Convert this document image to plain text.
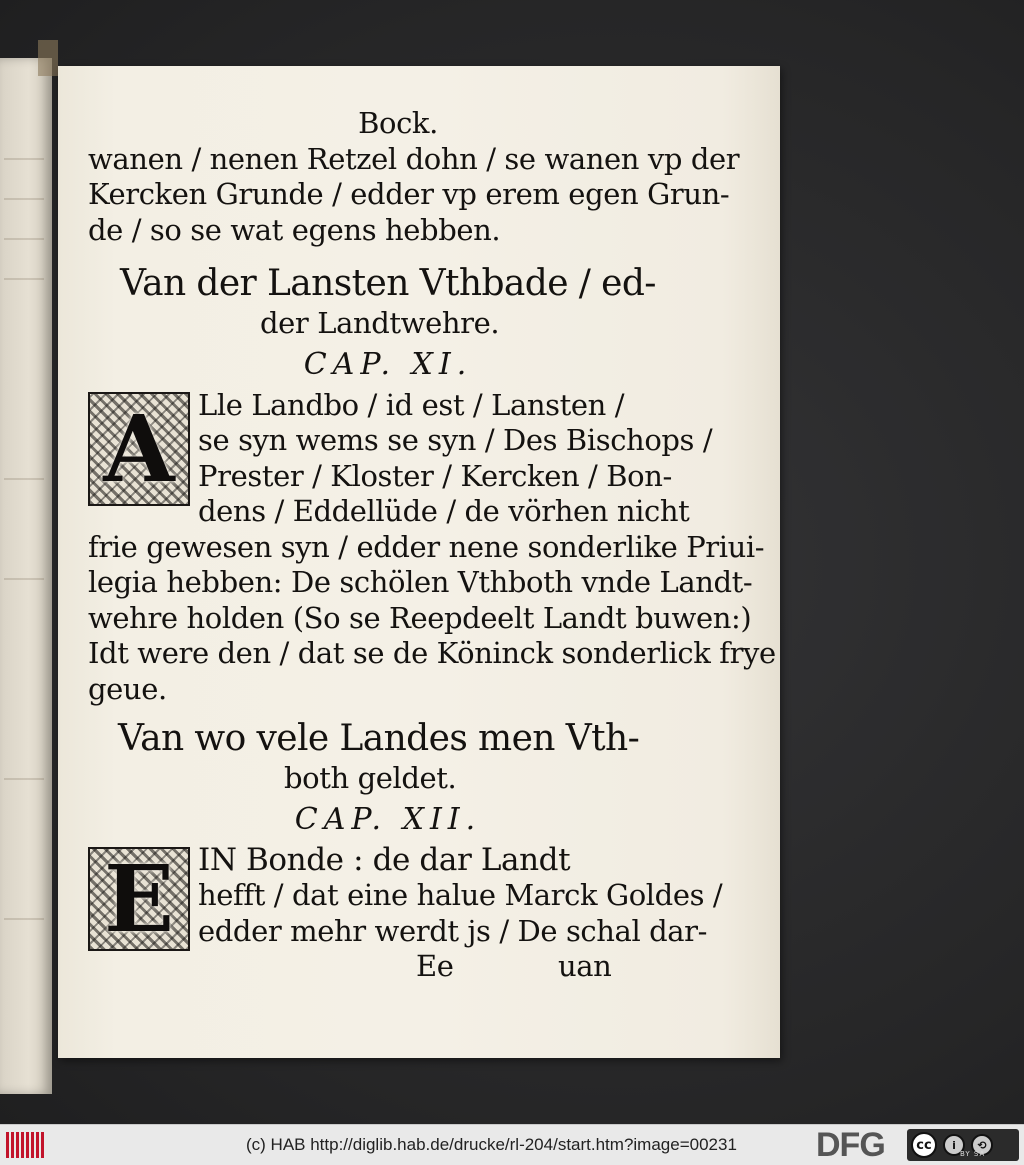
Bock.
wanen / nenen Retzel dohn / se wanen vp der
Kercken Grunde / edder vp erem egen Grun-
de / so se wat egens hebben.
Van der Lansten Vthbade / ed-
der Landtwehre.
CAP. XI.
A Lle Landbo / id est / Lansten /
se syn wems se syn / Des Bischops /
Prester / Kloster / Kercken / Bon-
dens / Eddellüde / de vörhen nicht
frie gewesen syn / edder nene sonderlike Priui-
legia hebben: De schölen Vthboth vnde Landt-
wehre holden (So se Reepdeelt Landt buwen:)
Idt were den / dat se de Köninck sonderlick frye
geue.
Van wo vele Landes men Vth-
both geldet.
CAP. XII.
E IN Bonde : de dar Landt
hefft / dat eine halue Marck Goldes /
edder mehr werdt js / De schal dar-
Ee	uan
(c) HAB http://diglib.hab.de/drucke/rl-204/start.htm?image=00231 DFG	cc	i	⟲
BY SA
